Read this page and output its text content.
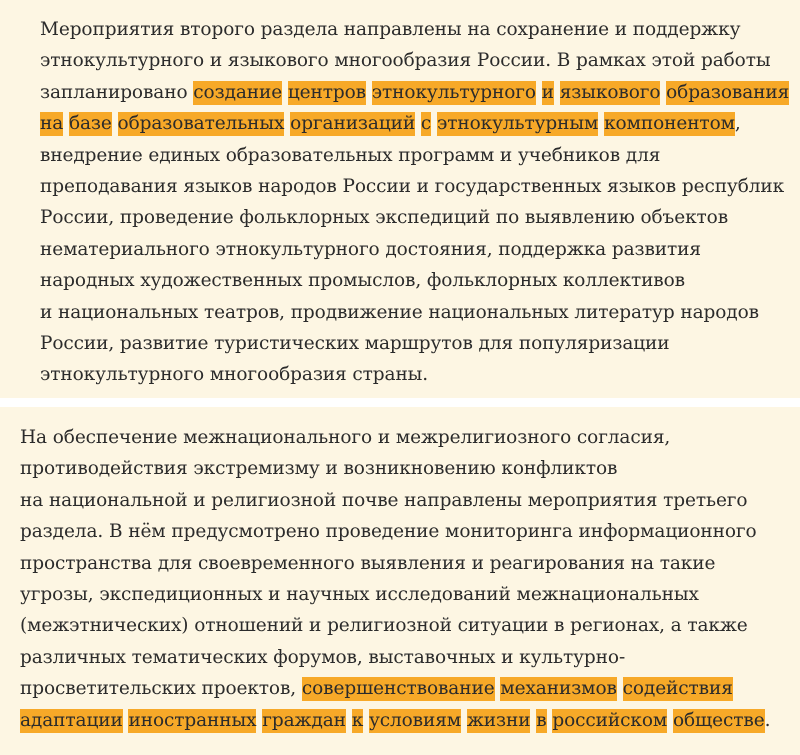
Мероприятия второго раздела направлены на сохранение и поддержку
этнокультурного и языкового многообразия России. В рамках этой работы
запланировано создание центров этнокультурного и языкового образования
на базе образовательных организаций с этнокультурным компонентом,
внедрение единых образовательных программ и учебников для
преподавания языков народов России и государственных языков республик
России, проведение фольклорных экспедиций по выявлению объектов
нематериального этнокультурного достояния, поддержка развития
народных художественных промыслов, фольклорных коллективов
и национальных театров, продвижение национальных литератур народов
России, развитие туристических маршрутов для популяризации
этнокультурного многообразия страны.
На обеспечение межнационального и межрелигиозного согласия,
противодействия экстремизму и возникновению конфликтов
на национальной и религиозной почве направлены мероприятия третьего
раздела. В нём предусмотрено проведение мониторинга информационного
пространства для своевременного выявления и реагирования на такие
угрозы, экспедиционных и научных исследований межнациональных
(межэтнических) отношений и религиозной ситуации в регионах, а также
различных тематических форумов, выставочных и культурно-
просветительских проектов, совершенствование механизмов содействия
адаптации иностранных граждан к условиям жизни в российском обществе.
